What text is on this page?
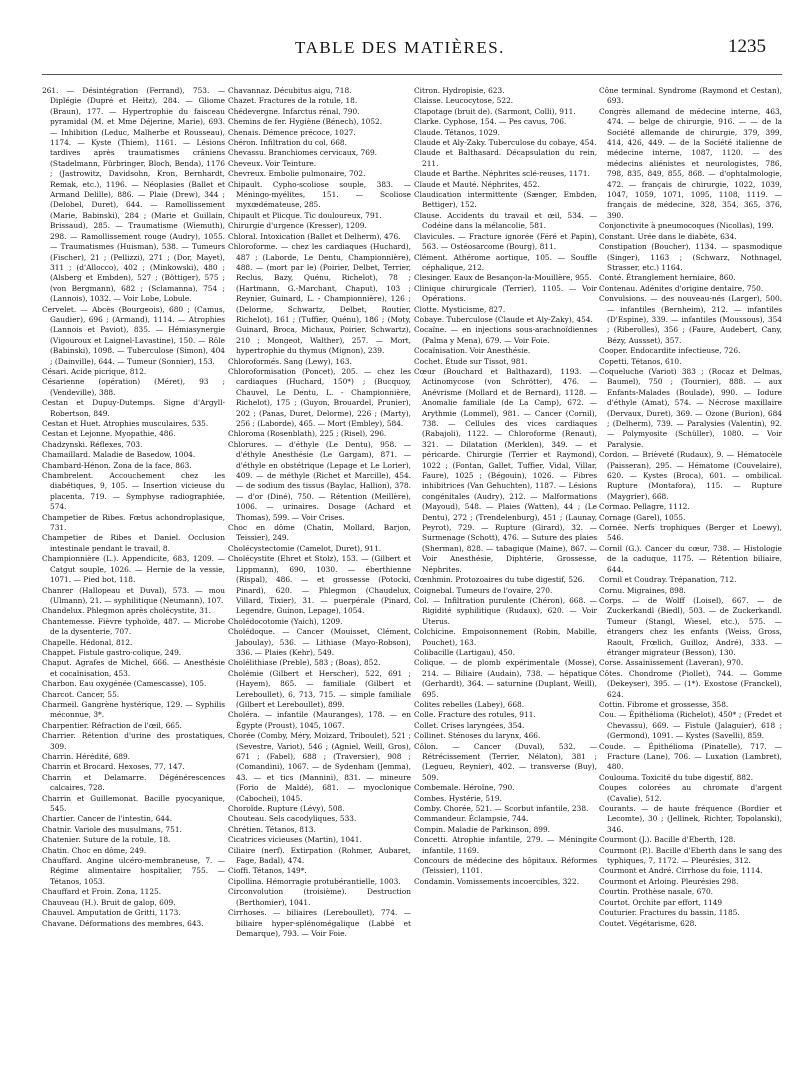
TABLE DES MATIÈRES.	1235

261. — Désintégration (Ferrand), 753. — Diplégie (Dupré et Heitz), 284. — Gliome (Braun), 177. — Hypertrophie du faisceau pyramidal (M. et Mme Déjerine, Marie), 693. — Inhibition (Leduc, Malherbe et Rousseau), 1174. — Kyste (Thiem), 1161. — Lésions tardives après traumatismes crâniens (Stadelmann, Fürbringer, Bloch, Benda), 1176 ; (Jastrowitz, Davidsohn, Kron, Bernhardt, Remak, etc.), 1196. — Néoplasies (Ballet et Armand Delille), 886. — Plaie (Drew), 344 ; (Delobel, Duret), 644. — Ramollissement (Marie, Babinski), 284 ; (Marie et Guillain, Brissaud), 285. — Traumatisme (Wiemuth), 298. — Ramollissement rouge (Audry), 1055. — Traumatismes (Huisman), 538. — Tumeurs (Fischer), 21 ; (Pellizzi), 271 ; (Dor, Mayet), 311 ; (d'Allocco), 402 ; (Minkowski), 480 ; (Alsberg et Embden), 527 ; (Böttiger), 575 ; (von Bergmann), 682 ; (Sclamanna), 754 ; (Lannois), 1032. — Voir Lobe, Lobule.

Cervelet. — Abcès (Bourgeois), 680 ; (Camus, Gaudier), 696 ; (Armand), 1114. — Atrophies (Lannois et Paviot), 835. — Hémiasynergie (Vigouroux et Laignel-Lavastine), 150. — Rôle (Babinski), 1098. — Tuberculose (Simon), 404 ; (Dainville), 644. — Tumeur (Sonnier), 153.

Césari. Acide picrique, 812.

Césarienne (opération) (Méret), 93 ; (Vendeville), 388.

Cestan et Dupuy-Dutemps. Signe d'Argyll-Robertson, 849.

Cestan et Huet. Atrophies musculaires, 535.

Cestan et Lejonne. Myopathie, 486.

Chadzynski. Réflexes, 703.

Chamaillard. Maladie de Basedow, 1004.

Chambard-Hénon. Zona de la face, 863.

Chambrelent. Accouchement chez les diabétiques, 9, 105. — Insertion vicieuse du placenta, 719. — Symphyse radiographiée, 574.

Champetier de Ribes. Fœtus achondroplasique, 731.

Champetier de Ribes et Daniel. Occlusion intestinale pendant le travail, 8.

Championnière (L.). Appendicite, 683, 1209. — Catgut souple, 1026. — Hernie de la vessie, 1071. — Pied bot, 118.

Chanrer (Hallopeau et Duval), 573. — mou (Ulmann), 21. — syphilitique (Neumann), 107.

Chandelux. Phlegmon après cholécystite, 31.

Chantemesse. Fièvre typhoïde, 487. — Microbe de la dysenterie, 707.

Chapelle. Hédonal, 812.

Chappet. Fistule gastro-colique, 249.

Chaput. Agrafes de Michel, 666. — Anesthésie et cocaïnisation, 453.

Charbon. Eau oxygénée (Camescasse), 105.

Charcot. Cancer, 55.

Charmeil. Gangrène hystérique, 129. — Syphilis méconnue, 3*.

Charpentier. Réfraction de l'œil, 665.

Charrier. Rétention d'urine des prostatiques, 309.

Charrin. Hérédité, 689.

Charrin et Brocard. Hexoses, 77, 147.

Charrin et Delamarre. Dégénérescences calcaires, 728.

Charrin et Guillemonat. Bacille pyocyanique, 545.

Chartier. Cancer de l'intestin, 644.

Chatnir. Variole des musulmans, 751.

Chatenier. Suture de la rotule, 18.

Chatin. Choc en dôme, 249.

Chauffard. Angine ulcéro-membraneuse, 7. — Régime alimentaire hospitalier, 755. — Tétanos, 1053.

Chauffard et Froin. Zona, 1125.

Chauveau (H.). Bruit de galop, 609.

Chauvel. Amputation de Gritti, 1173.

Chavane. Déformations des membres, 643.

Chavannaz. Décubitus aigu, 718.

Chazet. Fractures de la rotule, 18.

Chédevergne. Infarctus rénal, 790.

Chemins de fer. Hygiène (Bénech), 1052.

Chenais. Démence précoce, 1027.

Chéron. Infiltration du col, 668.

Chevassu. Branchiomes cervicaux, 769.

Cheveux. Voir Teinture.

Chevreux. Embolie pulmonaire, 702.

Chipault. Cypho-scoliose souple, 383. — Méningo-myélites, 151. — Scoliose myxœdémateuse, 285.

Chipault et Plicque. Tic douloureux, 791.

Chirurgie d'urgence (Kresser), 1209.

Chloral. Intoxication (Ballet et Delherm), 476.

Chloroforme. — chez les cardiaques (Huchard), 487 ; (Laborde, Le Dentu, Championnière), 488. — (mort par le) (Poirier, Delbet, Terrier, Reclus, Bazy, Quénu, Richelot), 78 ; (Hartmann, G.-Marchant, Chaput), 103 ; Reynier, Guinard, L. - Championnière), 126 ; (Delorme, Schwartz, Delbet, Routier, Richelot), 161 ; (Tuffier, Quénu), 186 ; (Moty, Guinard, Broca, Michaux, Poirier, Schwartz), 210 ; Mongeot, Walther), 257. — Mort, hypertrophie du thymus (Mignon), 239.

Chloroformés. Sang (Lewy), 163.

Chloroformisation (Poncet), 205. — chez les cardiaques (Huchard, 150*) ; (Bucquoy, Chauvel, Le Dentu, L. - Championnière, Richelot), 175 ; (Guyon, Brouardel, Prunier), 202 ; (Panas, Duret, Delorme), 226 ; (Marty), 256 ; (Laborde), 465. — Mort (Embley), 584.

Chloroma (Rosenblath), 225 ; (Risel), 296.

Chlorures. — d'éthyle (Le Dentu), 958. — d'éthyle Anesthésie (Le Gargam), 871. — d'éthyle en obstétrique (Lepage et Le Lorier), 409. — de méthyle (Richet et Marcille), 454. — de sodium des tissus (Baylac, Hallion), 378. — d'or (Diné), 750. — Rétention (Meillère), 1006. — urinaires. Dosage (Achard et Thomas), 599. — Voir Crises.

Choc en dôme (Chatin, Mollard, Barjon, Teissier), 249.

Cholécystectomie (Camelot, Duret), 911.

Cholécystite (Ehret et Stolz), 153. — (Gilbert et Lippmann), 690, 1030. — éberthienne (Rispal), 486. — et grossesse (Potocki, Pinard), 620. — Phlegmon (Chaudelux, Villard, Tixier), 31. — puerpérale (Pinard, Legendre, Guinon, Lepage), 1054.

Cholédocotomie (Yaich), 1209.

Cholédoque. — Cancer (Mouisset, Clément, Jaboulay), 536. — Lithiase (Mayo-Robson), 336. — Plaies (Kehr), 549.

Cholélithiase (Preble), 583 ; (Boas), 852.

Cholémie (Gilbert et Herscher), 522, 691 ; (Hayem), 865. — familiale (Gilbert et Lereboullet), 6, 713, 715. — simple familiale (Gilbert et Lereboullet), 899.

Choléra. — infantile (Mauranges), 178. — en Égypte (Proust), 1045, 1067.

Chorée (Comby, Méry, Moizard, Triboulet), 521 ; (Sevestre, Variot), 546 ; (Agniel, Weill, Gros), 671 ; (Fabel), 688 ; (Traversier), 908 ; (Comandini), 1067. — de Sydenham (Jemma), 43. — et tics (Mannini), 831. — mineure (Forio de Maldé), 681. — myoclonique (Cabochei), 1045.

Choroïde. Rupture (Lévy), 508.

Chouteau. Sels cacodyliques, 533.

Chrétien. Tétanos, 813.

Cicatrices vicieuses (Martin), 1041.

Ciliaire (nerf). Extirpation (Rohmer, Aubaret, Fage, Badal), 474.

Cioffi. Tétanos, 149*.

Cipollina. Hémorragie protubérantielle, 1003.

Circonvolution (troisième). Destruction (Berthomier), 1041.

Cirrhoses. — biliaires (Lereboullet), 774. — biliaire hyper-splénomégalique (Labbé et Demarque), 793. — Voir Foie.

Citron. Hydropisie, 623.

Claisse. Leucocytose, 522.

Clapotage (bruit de). (Sarmont, Colli), 911.

Clarke. Cyphose, 154. — Pes cavus, 706.

Claude. Tétanos, 1029.

Claude et Aly-Zaky. Tuberculose du cobaye, 454.

Claude et Balthasard. Décapsulation du rein, 211.

Claude et Barthe. Néphrites sclé-reuses, 1171.

Claude et Mauté. Néphrites, 452.

Claudication intermittente (Sænger, Embden, Bettiger), 152.

Clause. Accidents du travail et œil, 534. — Codéine dans la mélancolie, 581.

Clavicules. — Fracture ignorée (Féré et Papin), 563. — Ostéosarcome (Bourg), 811.

Clément. Athérome aortique, 105. — Souffle céphalique, 212.

Clesinger. Eaux de Besançon-la-Mouillère, 955.

Clinique chirurgicale (Terrier), 1105. — Voir Opérations.

Clotte. Mysticisme, 827.

Cobaye. Tuberculose (Claude et Aly-Zaky), 454.

Cocaïne. — en injections sous-arachnoïdiennes (Palma y Mena), 679. — Voir Foie.

Cocaïnisation. Voir Anesthésie.

Cochet. Étude sur Tissot, 981.

Cœur (Bouchard et Balthazard), 1193. — Actinomycose (von Schrötter), 476. — Anévrisme (Mollard et de Bernard), 1128. — Anomalie familiale (de La Camp), 672. — Arythmie (Lommel), 981. — Cancer (Cornil), 738. — Cellules des vices cardiaques (Rabajoli), 1122. — Chloroforme (Renaut), 321. — Dilatation (Merklen), 349. — et péricarde. Chirurgie (Terrier et Raymond), 1022 ; (Fontan, Gallet, Tuffier, Vidal, Villar, Faure), 1025 ; (Bégouin), 1026. — Fibres inhibitrices (Van Gehuchten), 1187. — Lésions congénitales (Audry), 212. — Malformations (Mayoud), 548. — Plaies (Watten), 44 ; (Le Dentu), 272 ; (Trendelenburg), 451 ; (Launay, Peyrot), 729. — Rupture (Girard), 32. — Surmenage (Schott), 476. — Suture des plaies (Sherman), 828. — tabagique (Maine), 867. — Voir Anesthésie, Diphtérie, Grossesse, Néphrites.

Cœnhmin. Protozoaires du tube digestif, 526.

Coignebal. Tumeurs de l'ovaire, 270.

Col. — Infiltration purulente (Chéron), 668. — Rigidité syphilitique (Rudaux), 620. — Voir Uterus.

Colchicine. Empoisonnement (Robin, Mabille, Pouchet), 163.

Colibacille (Lartigau), 450.

Colique. — de plomb expérimentale (Mosse), 214. — Biliaire (Audain), 738. — hépatique (Gerhardt), 364. — saturnine (Duplant, Weill), 695.

Colites rebelles (Labey), 668.

Colle. Fracture des rotules, 911.

Collet. Crises laryngées, 354.

Collinet. Sténoses du larynx, 466.

Côlon. — Cancer (Duval), 532. — Rétrécissement (Terrier, Nélaton), 381 ; (Legueu, Reynier), 402. — transverse (Buy), 509.

Combemale. Héroïne, 790.

Combes. Hystérie, 519.

Comby. Chorée, 521. — Scorbut infantile, 238.

Commandeur. Éclampsie, 744.

Compin. Maladie de Parkinson, 899.

Concetti. Atrophie infantile, 279. — Méningite infantile, 1169.

Concours de médecine des hôpitaux. Réformes (Teissier), 1101.

Condamin. Vomissements incoercibles, 322.

Cône terminal. Syndrome (Raymond et Cestan), 693.

Congrès allemand de médecine interne, 463, 474. — belge de chirurgie, 916. — — de la Société allemande de chirurgie, 379, 399, 414, 426, 449. — de la Société italienne de médecine interne, 1087, 1120. — des médecins aliénistes et neurologistes, 786, 798, 835, 849, 855, 868. — d'ophtalmologie, 472. — français de chirurgie, 1022, 1039, 1047, 1059, 1071, 1095, 1108, 1119. — français de médecine, 328, 354, 365, 376, 390.

Conjonctivite à pneumocoques (Nicollas), 199.

Constant. Urée dans le diabète, 634.

Constipation (Boucher), 1134. — spasmodique (Singer), 1163 ; (Schwarz, Nothnagel, Strasser, etc.) 1164.

Conté. Étranglement herniaire, 860.

Contenau. Adénites d'origine dentaire, 750.

Convulsions. — des nouveau-nés (Larger), 500. — infantiles (Bernheim), 212. — infantiles (D'Espine), 339. — infantiles (Moussous), 354 ; (Riberolles), 356 ; (Faure, Audebert, Cany, Bézy, Aussset), 357.

Cooper. Endocardite infectieuse, 726.

Copetti. Tétanos, 610.

Coqueluche (Variot) 383 ; (Rocaz et Delmas, Baumel), 750 ; (Tournier), 888. — aux Enfants-Malades (Boulade), 990. — Iodure d'éthyle (Amat), 574. — Nécrose maxillaire (Dervaux, Duret), 369. — Ozone (Burion), 684 ; (Delherm), 739. — Paralysies (Valentin), 92. — Polymyosite (Schüller), 1080. — Voir Paralysie.

Cordon. — Brièveté (Rudaux), 9. — Hématocèle (Paisseran), 295. — Hématome (Couvelaire), 620. — Kystes (Broca), 601. — ombilical. Rupture (Montafora), 115. — Rupture (Maygrier), 668.

Cormao. Pellagre, 1112.

Cornage (Garel), 1055.

Cornée. Nerfs trophiques (Berger et Loewy), 546.

Cornil (G.). Cancer du cœur, 738. — Histologie de la caduque, 1175. — Rétention biliaire, 644.

Cornil et Coudray. Trépanation, 712.

Cornu. Migraines, 898.

Corps. — de Wolff (Loisel), 667. — de Zuckerkandl (Biedl), 503. — de Zuckerkandl. Tumeur (Stangl, Wiesel, etc.), 575. — étrangers chez les enfants (Weiss, Gross, Raoult, Frœlich, Guilloz, André), 333. — étranger migrateur (Besson), 130.

Corse. Assainissement (Laveran), 970.

Côtes. Chondrome (Piollet), 744. — Gomme (Dekeyser), 395. — (1*). Exostose (Franckel), 624.

Cottin. Fibrome et grossesse, 358.

Cou. — Épithélioma (Richelot), 450* ; (Fredet et Chevassu), 669. — Fistule (Jalaguier), 618 ; (Germond), 1091. — Kystes (Savelli), 859.

Coude. — Épithélioma (Pinatelle), 717. — Fracture (Lane), 706. — Luxation (Lambret), 480.

Coulouma. Toxicité du tube digestif, 882.

Coupes colorées au chromate d'argent (Cavalie), 512.

Courants. — de haute fréquence (Bordier et Lecomte), 30 ; (Jellinek, Richter, Topolanski), 346.

Courmont (J.). Bacille d'Eberth, 128.

Courmont (P.). Bacille d'Eberth dans le sang des typhiques, 7, 1172. — Pleurésies, 312.

Courmont et André. Cirrhose du foie, 1114.

Courmont et Arloing. Pleurésies 298.

Courtin. Prothèse nasale, 670.

Courtot. Orchite par effort, 1149

Couturier. Fractures du bassin, 1185.

Coutet. Végétarisme, 628.
